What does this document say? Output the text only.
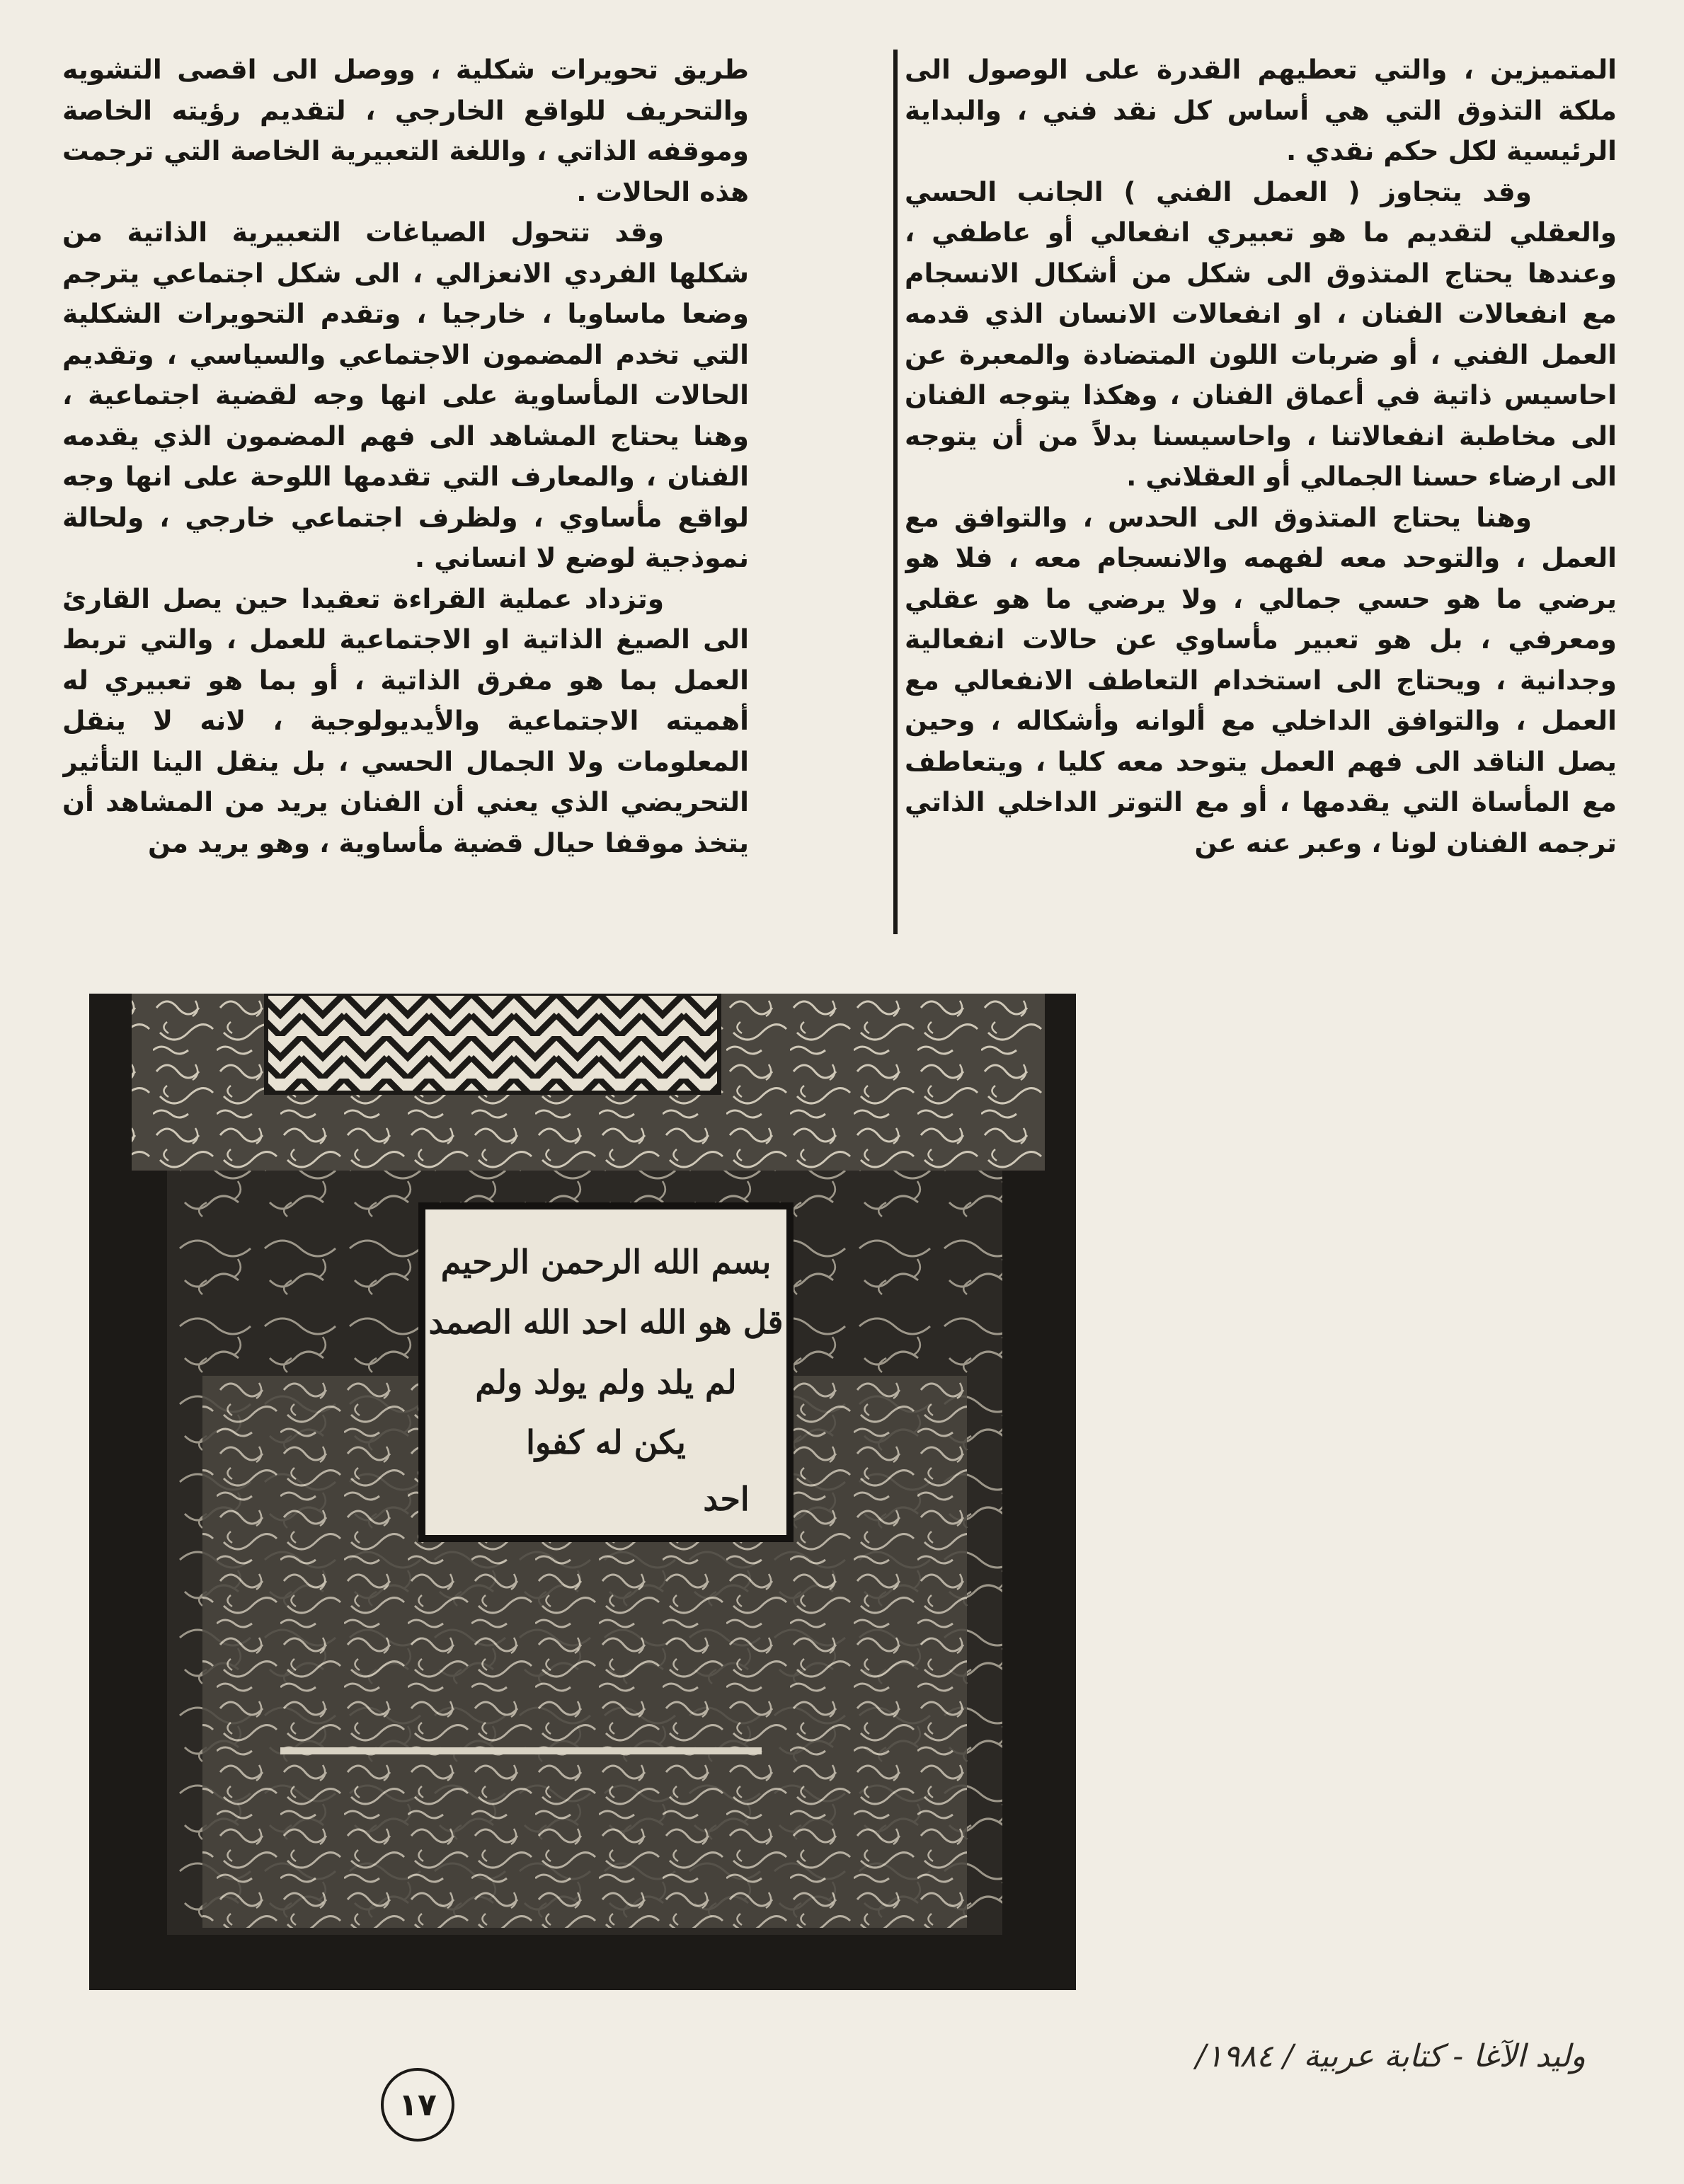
المتميزين ، والتي تعطيهم القدرة على الوصول الى ملكة التذوق التي هي أساس كل نقد فني ، والبداية الرئيسية لكل حكم نقدي .

وقد يتجاوز ( العمل الفني ) الجانب الحسي والعقلي لتقديم ما هو تعبيري انفعالي أو عاطفي ، وعندها يحتاج المتذوق الى شكل من أشكال الانسجام مع انفعالات الفنان ، او انفعالات الانسان الذي قدمه العمل الفني ، أو ضربات اللون المتضادة والمعبرة عن احاسيس ذاتية في أعماق الفنان ، وهكذا يتوجه الفنان الى مخاطبة انفعالاتنا ، واحاسيسنا بدلاً من أن يتوجه الى ارضاء حسنا الجمالي أو العقلاني .

وهنا يحتاج المتذوق الى الحدس ، والتوافق مع العمل ، والتوحد معه لفهمه والانسجام معه ، فلا هو يرضي ما هو حسي جمالي ، ولا يرضي ما هو عقلي ومعرفي ، بل هو تعبير مأساوي عن حالات انفعالية وجدانية ، ويحتاج الى استخدام التعاطف الانفعالي مع العمل ، والتوافق الداخلي مع ألوانه وأشكاله ، وحين يصل الناقد الى فهم العمل يتوحد معه كليا ، ويتعاطف مع المأساة التي يقدمها ، أو مع التوتر الداخلي الذاتي ترجمه الفنان لونا ، وعبر عنه عن

طريق تحويرات شكلية ، ووصل الى اقصى التشويه والتحريف للواقع الخارجي ، لتقديم رؤيته الخاصة وموقفه الذاتي ، واللغة التعبيرية الخاصة التي ترجمت هذه الحالات .

وقد تتحول الصياغات التعبيرية الذاتية من شكلها الفردي الانعزالي ، الى شكل اجتماعي يترجم وضعا ماساويا ، خارجيا ، وتقدم التحويرات الشكلية التي تخدم المضمون الاجتماعي والسياسي ، وتقديم الحالات المأساوية على انها وجه لقضية اجتماعية ، وهنا يحتاج المشاهد الى فهم المضمون الذي يقدمه الفنان ، والمعارف التي تقدمها اللوحة على انها وجه لواقع مأساوي ، ولظرف اجتماعي خارجي ، ولحالة نموذجية لوضع لا انساني .

وتزداد عملية القراءة تعقيدا حين يصل القارئ الى الصيغ الذاتية او الاجتماعية للعمل ، والتي تربط العمل بما هو مفرق الذاتية ، أو بما هو تعبيري له أهميته الاجتماعية والأيديولوجية ، لانه لا ينقل المعلومات ولا الجمال الحسي ، بل ينقل الينا التأثير التحريضي الذي يعني أن الفنان يريد من المشاهد أن يتخذ موقفا حيال قضية مأساوية ، وهو يريد من

بسم الله الرحمن الرحيم
قل هو الله احد الله الصمد
لم يلد ولم يولد ولم
يكن له كفوا
احد
وليد الآغا - كتابة عربية / ١٩٨٤/
١٧
